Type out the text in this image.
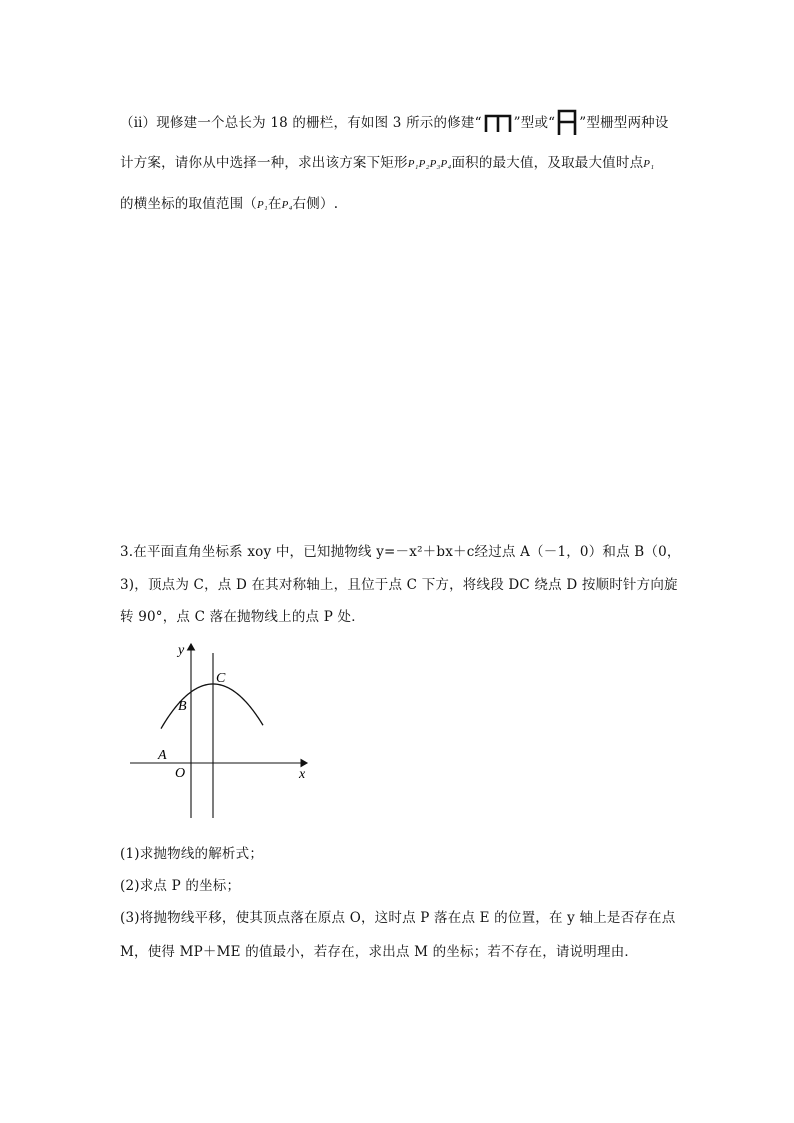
（ⅱ）现修建一个总长为 18 的栅栏，有如图 3 所示的修建“ ”型或“ ”型栅型两种设
计方案，请你从中选择一种，求出该方案下矩形P₁P₂P₃P₄面积的最大值，及取最大值时点P₁
的横坐标的取值范围（P₁在P₄右侧）.
3.在平面直角坐标系 xoy 中，已知抛物线 y=－x²＋bx＋c经过点 A（－1，0）和点 B（0，
3)，顶点为 C，点 D 在其对称轴上，且位于点 C 下方，将线段 DC 绕点 D 按顺时针方向旋
转 90°，点 C 落在抛物线上的点 P 处．
y
x
C
B
A
O
(1)求抛物线的解析式；
(2)求点 P 的坐标；
(3)将抛物线平移，使其顶点落在原点 O，这时点 P 落在点 E 的位置，在 y 轴上是否存在点
M，使得 MP＋ME 的值最小，若存在，求出点 M 的坐标；若不存在，请说明理由．
